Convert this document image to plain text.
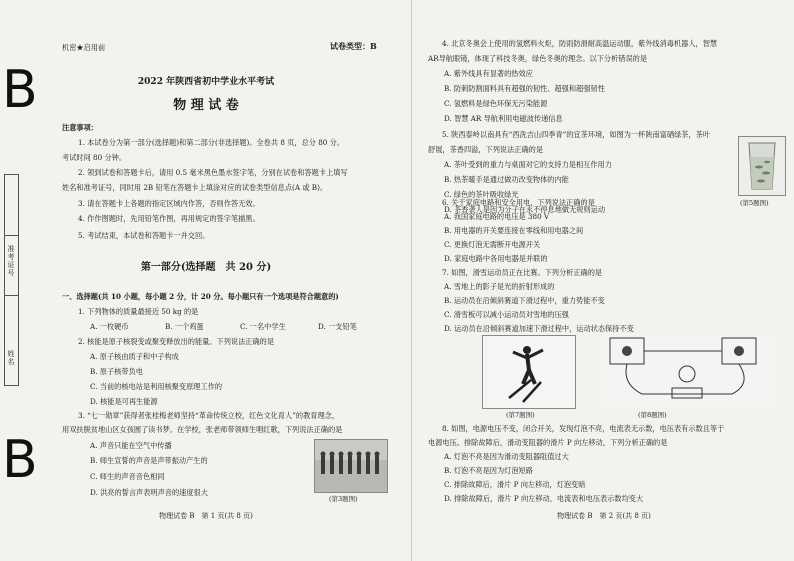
B
B
准考证号
姓名
机密★启用前	试卷类型：B
2022 年陕西省初中学业水平考试
物 理 试 卷
注意事项：
1. 本试卷分为第一部分(选择题)和第二部分(非选择题)。全卷共 8 页，总分 80 分。
考试时间 80 分钟。
2. 领到试卷和答题卡后，请用 0.5 毫米黑色墨水签字笔，分别在试卷和答题卡上填写
姓名和准考证号，同时用 2B 铅笔在答题卡上填涂对应的试卷类型信息点(A 或 B)。
3. 请在答题卡上各题的指定区域内作答，否则作答无效。
4. 作作图题时，先用铅笔作图，再用规定的签字笔描黑。
5. 考试结束，本试卷和答题卡一并交回。
第一部分(选择题　共 20 分)
一、选择题(共 10 小题，每小题 2 分，计 20 分。每小题只有一个选项是符合题意的)
1. 下列物体的质量最接近 50 kg 的是
A. 一枚硬币	B. 一个鸡蛋	C. 一名中学生	D. 一支铅笔
2. 核能是原子核裂变或聚变释放出的能量。下列说法正确的是
A. 原子核由质子和中子构成
B. 原子核带负电
C. 当前的核电站是利用核聚变原理工作的
D. 核能是可再生能源
3. “七一勋章”获得者张桂梅老师坚持“革命传统立校，红色文化育人”的教育理念，
用双扶脱贫地山区女孩圆了读书梦。在学校，张老师带领师生唱红歌，下列说法正确的是
A. 声音只能在空气中传播
B. 师生宣誓的声音是声带振动产生的
C. 师生的声音音色相同
D. 洪亮的誓言声表明声音的速度很大
(第3题图)
物理试卷 B　第 1 页(共 8 页)
4. 北京冬奥会上使用的氢燃料火炬，防雨防滑耐高温运动服，紫外线消毒机器人，智慧
AR导航眼镜，体现了科技冬奥，绿色冬奥的理念。以下分析错误的是
A. 紫外线具有显著的热效应
B. 防刺防割面料具有超强的韧性、超强和超强韧性
C. 氢燃料是绿色环保无污染能源
D. 智慧 AR 导航利用电磁波传递信息
5. 陕西泰岭以南具有“西洗吉山四季青”的宜茶环境，如图为一杯陕南富硒绿茶，茶叶
舒展，茶香四溢，下列说法正确的是
A. 茶叶受到的重力与桌面对它的支持力是相互作用力
B. 热茶暖手是通过做功改变物体的内能
C. 绿色的茶叶吸收绿光
D. 茶香袭人是因为分子在永不停息地做无规则运动
(第5题图)
6. 关于家庭电路和安全用电，下列说法正确的是
A. 我国家庭电路的电压是 380 V
B. 用电器的开关要连接在零线和用电器之间
C. 更换灯泡无需断开电源开关
D. 家庭电路中各用电器是并联的
7. 如图，滑雪运动员正在比赛。下列分析正确的是
A. 雪地上的影子是光的折射形成的
B. 运动员在沿倾斜赛道下滑过程中，重力势能不变
C. 滑雪板可以减小运动员对雪地的压强
D. 运动员在沿倾斜赛道加速下滑过程中，运动状态保持不变
(第7题图)	(第8题图)
8. 如图，电源电压不变，闭合开关，发现灯泡不亮，电流表无示数，电压表有示数且等于
电源电压。排除故障后，滑动变阻器的滑片 P 向左移动，下列分析正确的是
A. 灯泡不亮是因为滑动变阻器阻值过大
B. 灯泡不亮是因为灯泡短路
C. 排除故障后，滑片 P 向左移动，灯泡变暗
D. 排除故障后，滑片 P 向左移动，电流表和电压表示数均变大
物理试卷 B　第 2 页(共 8 页)
